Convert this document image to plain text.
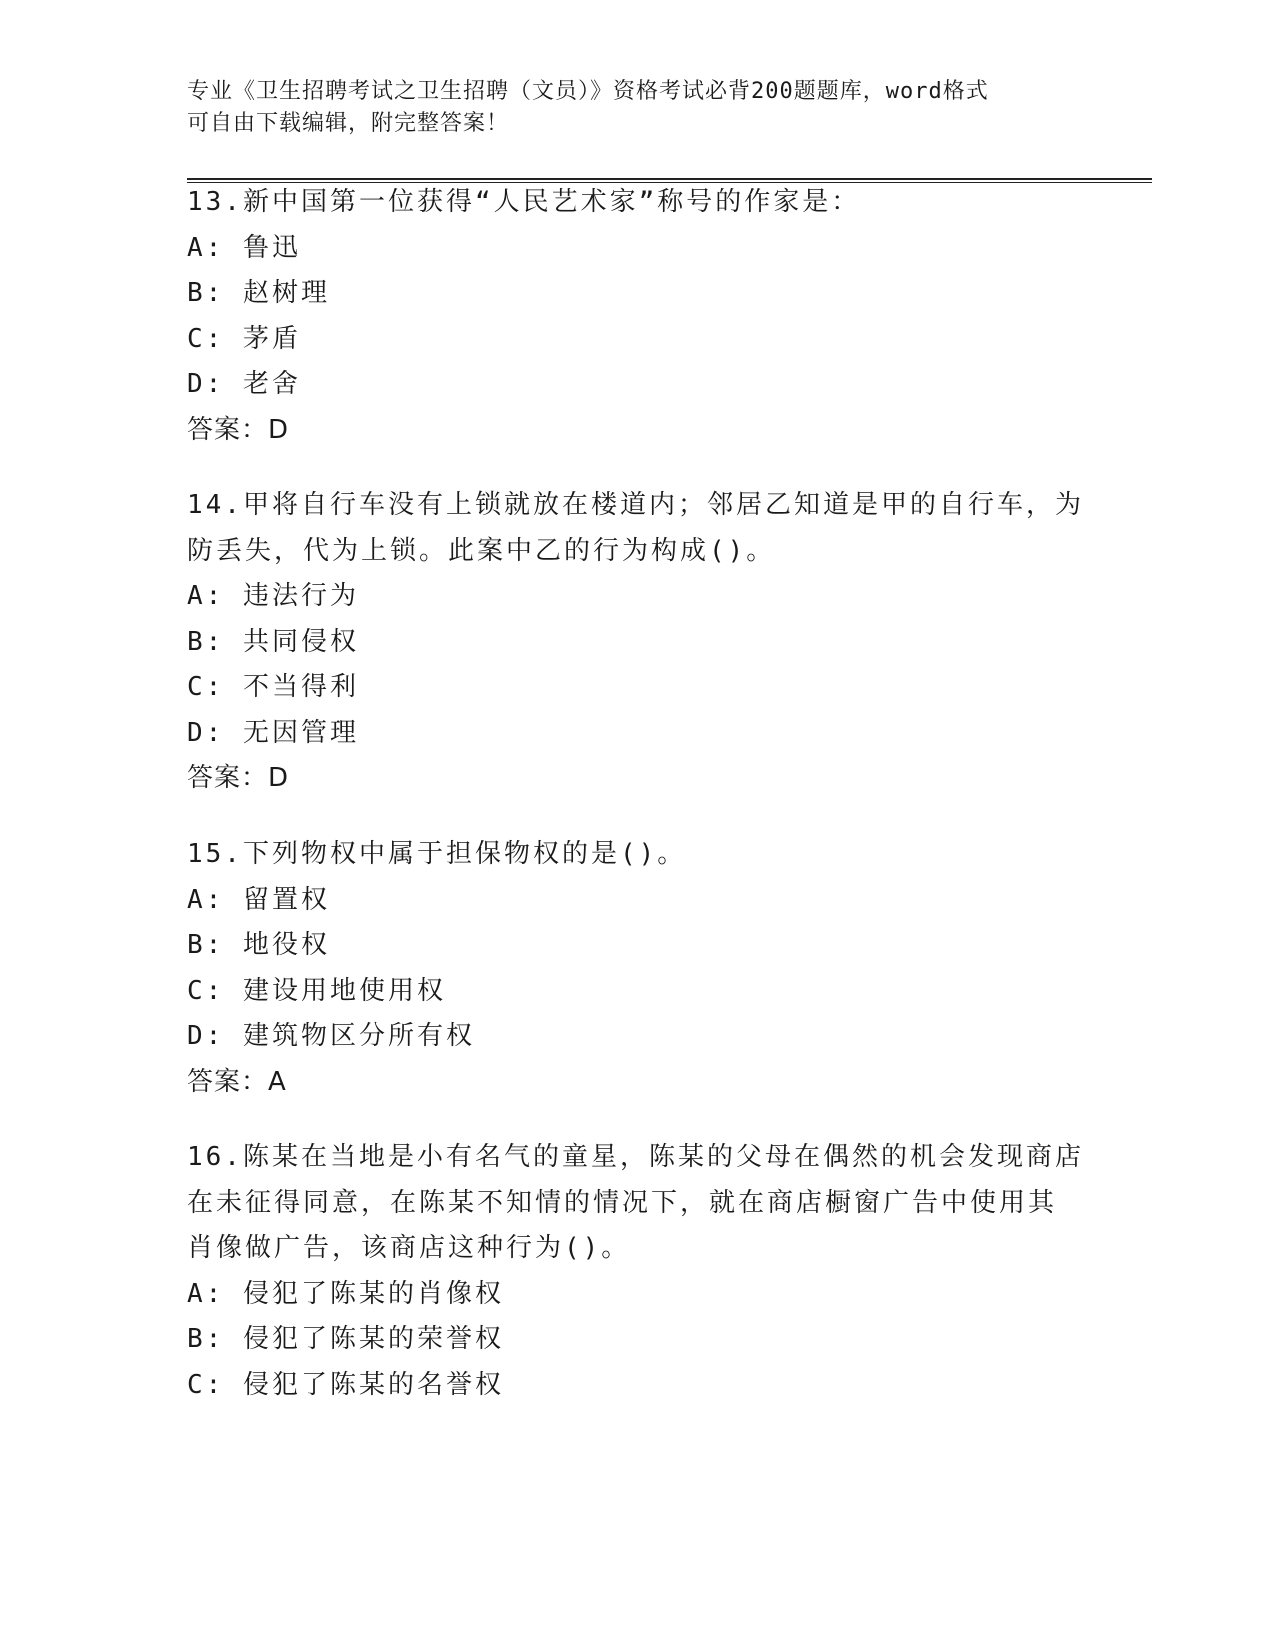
专业《卫生招聘考试之卫生招聘（文员）》资格考试必背200题题库，word格式
可自由下载编辑，附完整答案！
13.新中国第一位获得“人民艺术家”称号的作家是：
A: 鲁迅
B: 赵树理
C: 茅盾
D: 老舍
答案：D
14.甲将自行车没有上锁就放在楼道内；邻居乙知道是甲的自行车，为
防丢失，代为上锁。此案中乙的行为构成()。
A: 违法行为
B: 共同侵权
C: 不当得利
D: 无因管理
答案：D
15.下列物权中属于担保物权的是()。
A: 留置权
B: 地役权
C: 建设用地使用权
D: 建筑物区分所有权
答案：A
16.陈某在当地是小有名气的童星，陈某的父母在偶然的机会发现商店
在未征得同意，在陈某不知情的情况下，就在商店橱窗广告中使用其
肖像做广告，该商店这种行为()。
A: 侵犯了陈某的肖像权
B: 侵犯了陈某的荣誉权
C: 侵犯了陈某的名誉权
